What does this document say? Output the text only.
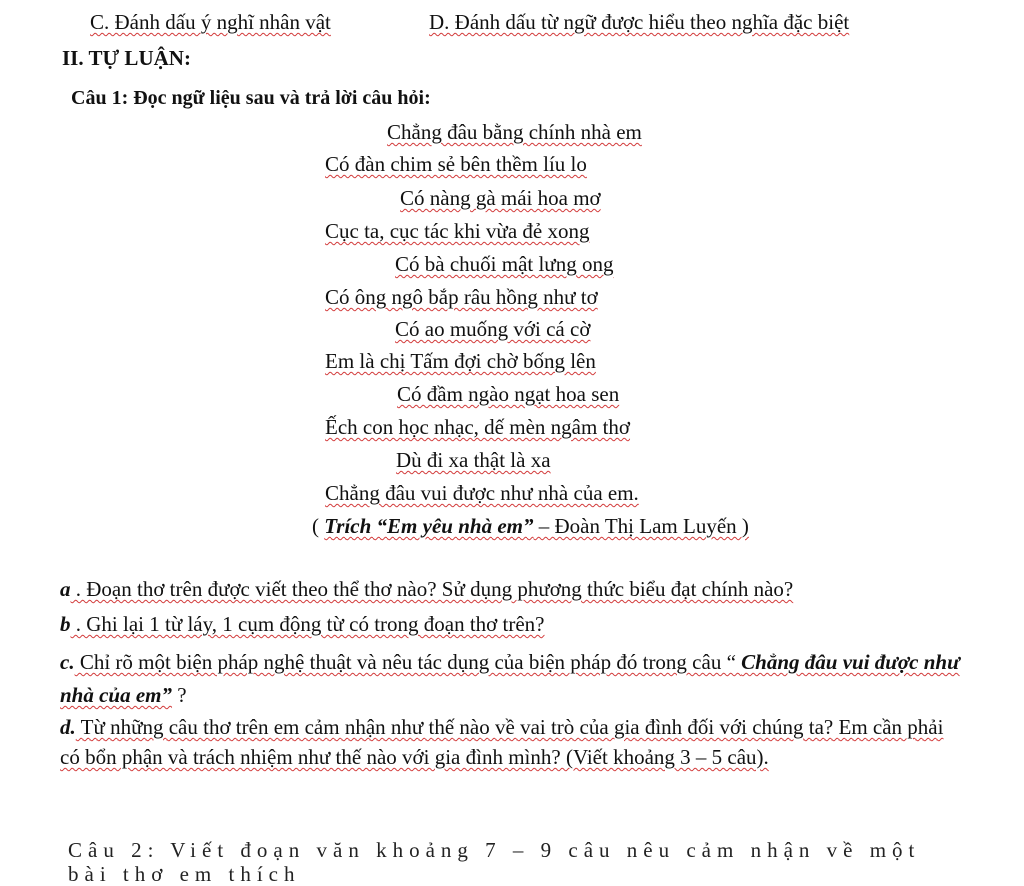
C. Đánh dấu ý nghĩ nhân vật	D. Đánh dấu từ ngữ được hiểu theo nghĩa đặc biệt
II. TỰ LUẬN:
Câu 1: Đọc ngữ liệu sau và trả lời câu hỏi:
Chẳng đâu bằng chính nhà em
Có đàn chim sẻ bên thềm líu lo
Có nàng gà mái hoa mơ
Cục ta, cục tác khi vừa đẻ xong
Có bà chuối mật lưng ong
Có ông ngô bắp râu hồng như tơ
Có ao muống với cá cờ
Em là chị Tấm đợi chờ bống lên
Có đầm ngào ngạt hoa sen
Ếch con học nhạc, dế mèn ngâm thơ
Dù đi xa thật là xa
Chẳng đâu vui được như nhà của em.
( Trích “Em yêu nhà em” – Đoàn Thị Lam Luyến )
a . Đoạn thơ trên được viết theo thể thơ nào? Sử dụng phương thức biểu đạt chính nào?
b . Ghi lại 1 từ láy, 1 cụm động từ có trong đoạn thơ trên?
c. Chỉ rõ một biện pháp nghệ thuật và nêu tác dụng của biện pháp đó trong câu “ Chẳng đâu vui được như nhà của em” ?
d. Từ những câu thơ trên em cảm nhận như thế nào về vai trò của gia đình đối với chúng ta? Em cần phải có bổn phận và trách nhiệm như thế nào với gia đình mình? (Viết khoảng 3 – 5 câu).
Câu 2: Viết đoạn văn khoảng 7 – 9 câu nêu cảm nhận về một bài thơ em thích
